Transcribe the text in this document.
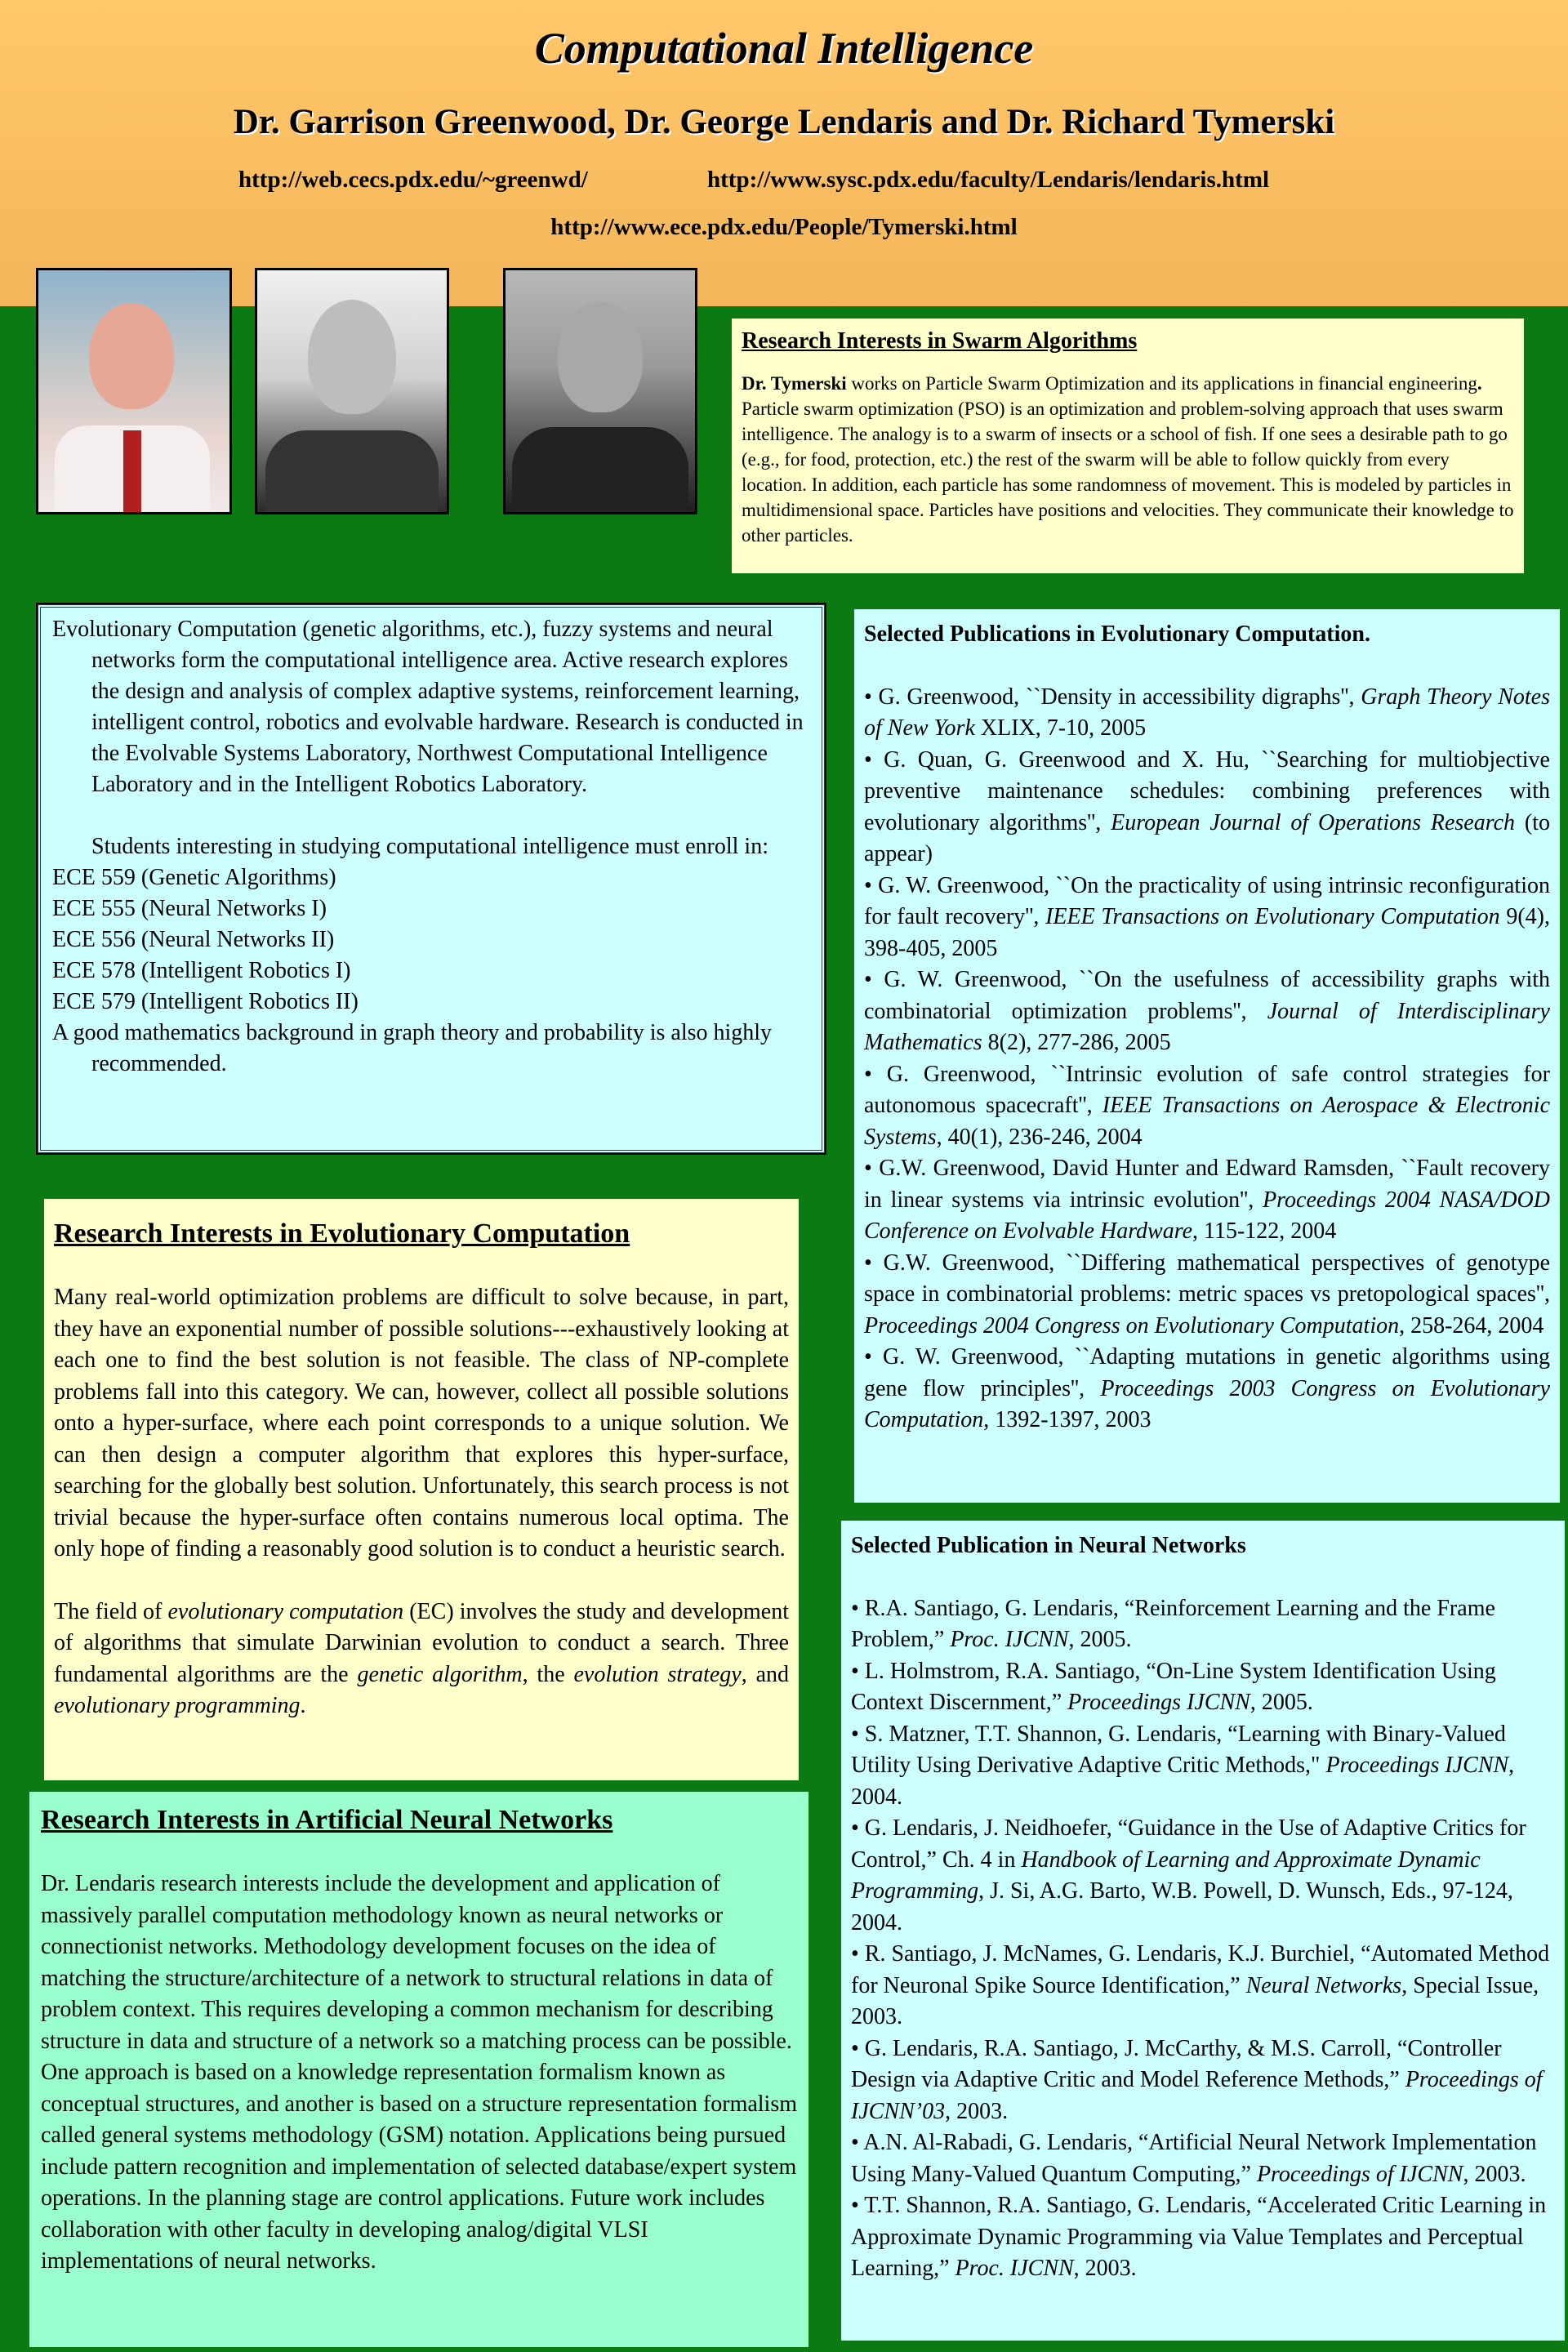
Computational Intelligence
Dr. Garrison Greenwood, Dr. George Lendaris and Dr. Richard Tymerski
http://web.cecs.pdx.edu/~greenwd/	http://www.sysc.pdx.edu/faculty/Lendaris/lendaris.html
http://www.ece.pdx.edu/People/Tymerski.html
Research Interests in Swarm Algorithms
Dr. Tymerski works on Particle Swarm Optimization and its applications in financial engineering. Particle swarm optimization (PSO) is an optimization and problem-solving approach that uses swarm intelligence. The analogy is to a swarm of insects or a school of fish. If one sees a desirable path to go (e.g., for food, protection, etc.) the rest of the swarm will be able to follow quickly from every location. In addition, each particle has some randomness of movement. This is modeled by particles in multidimensional space. Particles have positions and velocities. They communicate their knowledge to other particles.

Evolutionary Computation (genetic algorithms, etc.), fuzzy systems and neural networks form the computational intelligence area. Active research explores the design and analysis of complex adaptive systems, reinforcement learning, intelligent control, robotics and evolvable hardware. Research is conducted in the Evolvable Systems Laboratory, Northwest Computational Intelligence Laboratory and in the Intelligent Robotics Laboratory.

Students interesting in studying computational intelligence must enroll in:

ECE 559 (Genetic Algorithms)

ECE 555 (Neural Networks I)

ECE 556 (Neural Networks II)

ECE 578 (Intelligent Robotics I)

ECE 579 (Intelligent Robotics II)

A good mathematics background in graph theory and probability is also highly recommended.

Research Interests in Evolutionary Computation

Many real-world optimization problems are difficult to solve because, in part, they have an exponential number of possible solutions---exhaustively looking at each one to find the best solution is not feasible. The class of NP-complete problems fall into this category. We can, however, collect all possible solutions onto a hyper-surface, where each point corresponds to a unique solution. We can then design a computer algorithm that explores this hyper-surface, searching for the globally best solution. Unfortunately, this search process is not trivial because the hyper-surface often contains numerous local optima. The only hope of finding a reasonably good solution is to conduct a heuristic search.

The field of evolutionary computation (EC) involves the study and development of algorithms that simulate Darwinian evolution to conduct a search. Three fundamental algorithms are the genetic algorithm, the evolution strategy, and evolutionary programming.

Research Interests in Artificial Neural Networks
Dr. Lendaris research interests include the development and application of massively parallel computation methodology known as neural networks or connectionist networks. Methodology development focuses on the idea of matching the structure/architecture of a network to structural relations in data of problem context. This requires developing a common mechanism for describing structure in data and structure of a network so a matching process can be possible. One approach is based on a knowledge representation formalism known as conceptual structures, and another is based on a structure representation formalism called general systems methodology (GSM) notation. Applications being pursued include pattern recognition and implementation of selected database/expert system operations. In the planning stage are control applications. Future work includes collaboration with other faculty in developing analog/digital VLSI implementations of neural networks.
Selected Publications in Evolutionary Computation.

• G. Greenwood, ``Density in accessibility digraphs'', Graph Theory Notes of New York XLIX, 7-10, 2005

• G. Quan, G. Greenwood and X. Hu, ``Searching for multiobjective preventive maintenance schedules: combining preferences with evolutionary algorithms'', European Journal of Operations Research (to appear)

• G. W. Greenwood, ``On the practicality of using intrinsic reconfiguration for fault recovery'', IEEE Transactions on Evolutionary Computation 9(4), 398-405, 2005

• G. W. Greenwood, ``On the usefulness of accessibility graphs with combinatorial optimization problems'', Journal of Interdisciplinary Mathematics 8(2), 277-286, 2005

• G. Greenwood, ``Intrinsic evolution of safe control strategies for autonomous spacecraft'', IEEE Transactions on Aerospace & Electronic Systems, 40(1), 236-246, 2004

• G.W. Greenwood, David Hunter and Edward Ramsden, ``Fault recovery in linear systems via intrinsic evolution'', Proceedings 2004 NASA/DOD Conference on Evolvable Hardware, 115-122, 2004

• G.W. Greenwood, ``Differing mathematical perspectives of genotype space in combinatorial problems: metric spaces vs pretopological spaces'', Proceedings 2004 Congress on Evolutionary Computation, 258-264, 2004

• G. W. Greenwood, ``Adapting mutations in genetic algorithms using gene flow principles'', Proceedings 2003 Congress on Evolutionary Computation, 1392-1397, 2003

Selected Publication in Neural Networks

• R.A. Santiago, G. Lendaris, “Reinforcement Learning and the Frame Problem,” Proc. IJCNN, 2005.

• L. Holmstrom, R.A. Santiago, “On-Line System Identification Using Context Discernment,” Proceedings IJCNN, 2005.

• S. Matzner, T.T. Shannon, G. Lendaris, “Learning with Binary-Valued Utility Using Derivative Adaptive Critic Methods," Proceedings IJCNN, 2004.

• G. Lendaris, J. Neidhoefer, “Guidance in the Use of Adaptive Critics for Control,” Ch. 4 in Handbook of Learning and Approximate Dynamic Programming, J. Si, A.G. Barto, W.B. Powell, D. Wunsch, Eds., 97-124, 2004.

• R. Santiago, J. McNames, G. Lendaris, K.J. Burchiel, “Automated Method for Neuronal Spike Source Identification,” Neural Networks, Special Issue, 2003.

• G. Lendaris, R.A. Santiago, J. McCarthy, & M.S. Carroll, “Controller Design via Adaptive Critic and Model Reference Methods,” Proceedings of IJCNN’03, 2003.

• A.N. Al-Rabadi, G. Lendaris, “Artificial Neural Network Implementation Using Many-Valued Quantum Computing,” Proceedings of IJCNN, 2003.

• T.T. Shannon, R.A. Santiago, G. Lendaris, “Accelerated Critic Learning in Approximate Dynamic Programming via Value Templates and Perceptual Learning,” Proc. IJCNN, 2003.
